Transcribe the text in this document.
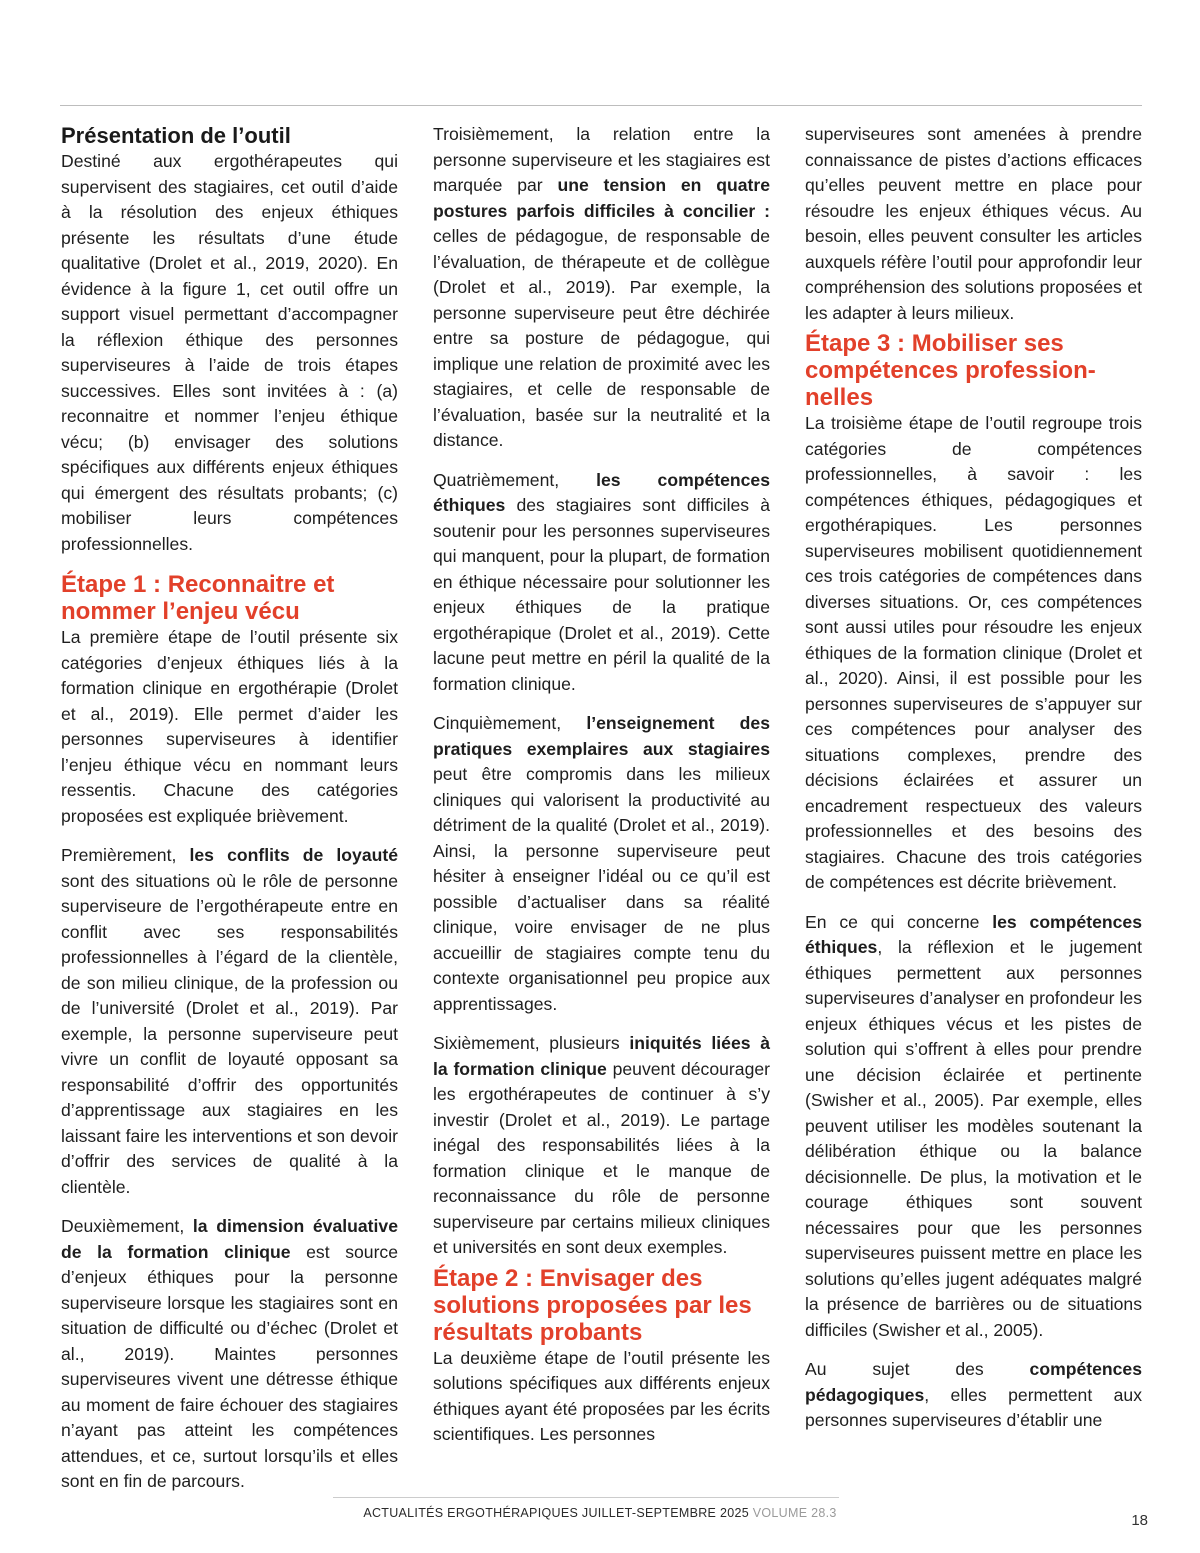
Présentation de l’outil

Destiné aux ergothérapeutes qui supervisent des stagiaires, cet outil d’aide à la résolution des enjeux éthiques présente les résultats d’une étude qualitative (Drolet et al., 2019, 2020). En évidence à la figure 1, cet outil offre un support visuel permettant d’accompagner la réflexion éthique des personnes superviseures à l’aide de trois étapes successives. Elles sont invitées à : (a) reconnaitre et nommer l’enjeu éthique vécu; (b) envisager des solutions spécifiques aux différents enjeux éthiques qui émergent des résultats probants; (c) mobiliser leurs compétences professionnelles.

Étape 1 : Reconnaitre et nommer l’enjeu vécu

La première étape de l’outil présente six catégories d’enjeux éthiques liés à la formation clinique en ergothérapie (Drolet et al., 2019). Elle permet d’aider les personnes superviseures à identifier l’enjeu éthique vécu en nommant leurs ressentis. Chacune des catégories proposées est expliquée brièvement.

Premièrement, les conflits de loyauté sont des situations où le rôle de personne superviseure de l’ergothérapeute entre en conflit avec ses responsabilités professionnelles à l’égard de la clientèle, de son milieu clinique, de la profession ou de l’université (Drolet et al., 2019). Par exemple, la personne superviseure peut vivre un conflit de loyauté opposant sa responsabilité d’offrir des opportunités d’apprentissage aux stagiaires en les laissant faire les interventions et son devoir d’offrir des services de qualité à la clientèle.

Deuxièmement, la dimension évaluative de la formation clinique est source d’enjeux éthiques pour la personne superviseure lorsque les stagiaires sont en situation de difficulté ou d’échec (Drolet et al., 2019). Maintes personnes superviseures vivent une détresse éthique au moment de faire échouer des stagiaires n’ayant pas atteint les compétences attendues, et ce, surtout lorsqu’ils et elles sont en fin de parcours.

Troisièmement, la relation entre la personne superviseure et les stagiaires est marquée par une tension en quatre postures parfois difficiles à concilier : celles de pédagogue, de responsable de l’évaluation, de thérapeute et de collègue (Drolet et al., 2019). Par exemple, la personne superviseure peut être déchirée entre sa posture de pédagogue, qui implique une relation de proximité avec les stagiaires, et celle de responsable de l’évaluation, basée sur la neutralité et la distance.

Quatrièmement, les compétences éthiques des stagiaires sont difficiles à soutenir pour les personnes superviseures qui manquent, pour la plupart, de formation en éthique nécessaire pour solutionner les enjeux éthiques de la pratique ergothérapique (Drolet et al., 2019). Cette lacune peut mettre en péril la qualité de la formation clinique.

Cinquièmement, l’enseignement des pratiques exemplaires aux stagiaires peut être compromis dans les milieux cliniques qui valorisent la productivité au détriment de la qualité (Drolet et al., 2019). Ainsi, la personne superviseure peut hésiter à enseigner l’idéal ou ce qu’il est possible d’actualiser dans sa réalité clinique, voire envisager de ne plus accueillir de stagiaires compte tenu du contexte organisationnel peu propice aux apprentissages.

Sixièmement, plusieurs iniquités liées à la formation clinique peuvent décourager les ergothérapeutes de continuer à s’y investir (Drolet et al., 2019). Le partage inégal des responsabilités liées à la formation clinique et le manque de reconnaissance du rôle de personne superviseure par certains milieux cliniques et universités en sont deux exemples.

Étape 2 : Envisager des solutions proposées par les résultats probants

La deuxième étape de l’outil présente les solutions spécifiques aux différents enjeux éthiques ayant été proposées par les écrits scientifiques. Les personnes

superviseures sont amenées à prendre connaissance de pistes d’actions efficaces qu’elles peuvent mettre en place pour résoudre les enjeux éthiques vécus. Au besoin, elles peuvent consulter les articles auxquels réfère l’outil pour approfondir leur compréhension des solutions proposées et les adapter à leurs milieux.

Étape 3 : Mobiliser ses compétences profession-nelles

La troisième étape de l’outil regroupe trois catégories de compétences professionnelles, à savoir : les compétences éthiques, pédagogiques et ergothérapiques. Les personnes superviseures mobilisent quotidiennement ces trois catégories de compétences dans diverses situations. Or, ces compétences sont aussi utiles pour résoudre les enjeux éthiques de la formation clinique (Drolet et al., 2020). Ainsi, il est possible pour les personnes superviseures de s’appuyer sur ces compétences pour analyser des situations complexes, prendre des décisions éclairées et assurer un encadrement respectueux des valeurs professionnelles et des besoins des stagiaires. Chacune des trois catégories de compétences est décrite brièvement.

En ce qui concerne les compétences éthiques, la réflexion et le jugement éthiques permettent aux personnes superviseures d’analyser en profondeur les enjeux éthiques vécus et les pistes de solution qui s’offrent à elles pour prendre une décision éclairée et pertinente (Swisher et al., 2005). Par exemple, elles peuvent utiliser les modèles soutenant la délibération éthique ou la balance décisionnelle. De plus, la motivation et le courage éthiques sont souvent nécessaires pour que les personnes superviseures puissent mettre en place les solutions qu’elles jugent adéquates malgré la présence de barrières ou de situations difficiles (Swisher et al., 2005).

Au sujet des compétences pédagogiques, elles permettent aux personnes superviseures d’établir une

ACTUALITÉS ERGOTHÉRAPIQUES JUILLET-SEPTEMBRE 2025 VOLUME 28.3	18
